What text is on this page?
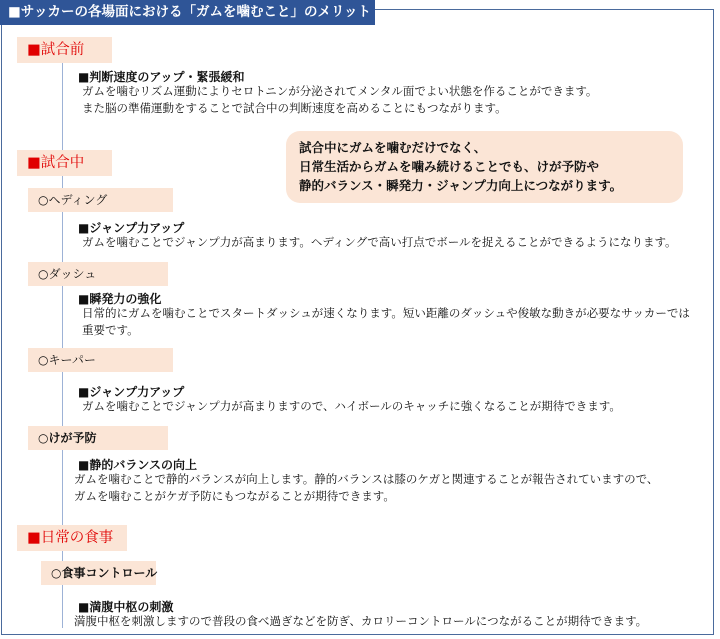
■サッカーの各場面における「ガムを噛むこと」のメリット
■試合前
■判断速度のアップ・緊張緩和
ガムを噛むリズム運動によりセロトニンが分泌されてメンタル面でよい状態を作ることができます。
また脳の準備運動をすることで試合中の判断速度を高めることにもつながります。
試合中にガムを噛むだけでなく、
日常生活からガムを噛み続けることでも、けが予防や
静的バランス・瞬発力・ジャンプ力向上につながります。
■試合中
○ヘディング
■ジャンプ力アップ
ガムを噛むことでジャンプ力が高まります。ヘディングで高い打点でボールを捉えることができるようになります。
○ダッシュ
■瞬発力の強化
日常的にガムを噛むことでスタートダッシュが速くなります。短い距離のダッシュや俊敏な動きが必要なサッカーでは
重要です。
○キーパー
■ジャンプ力アップ
ガムを噛むことでジャンプ力が高まりますので、ハイボールのキャッチに強くなることが期待できます。
○けが予防
■静的バランスの向上
ガムを噛むことで静的バランスが向上します。静的バランスは膝のケガと関連することが報告されていますので、
ガムを噛むことがケガ予防にもつながることが期待できます。
■日常の食事
○食事コントロール
■満腹中枢の刺激
満腹中枢を刺激しますので普段の食べ過ぎなどを防ぎ、カロリーコントロールにつながることが期待できます。
